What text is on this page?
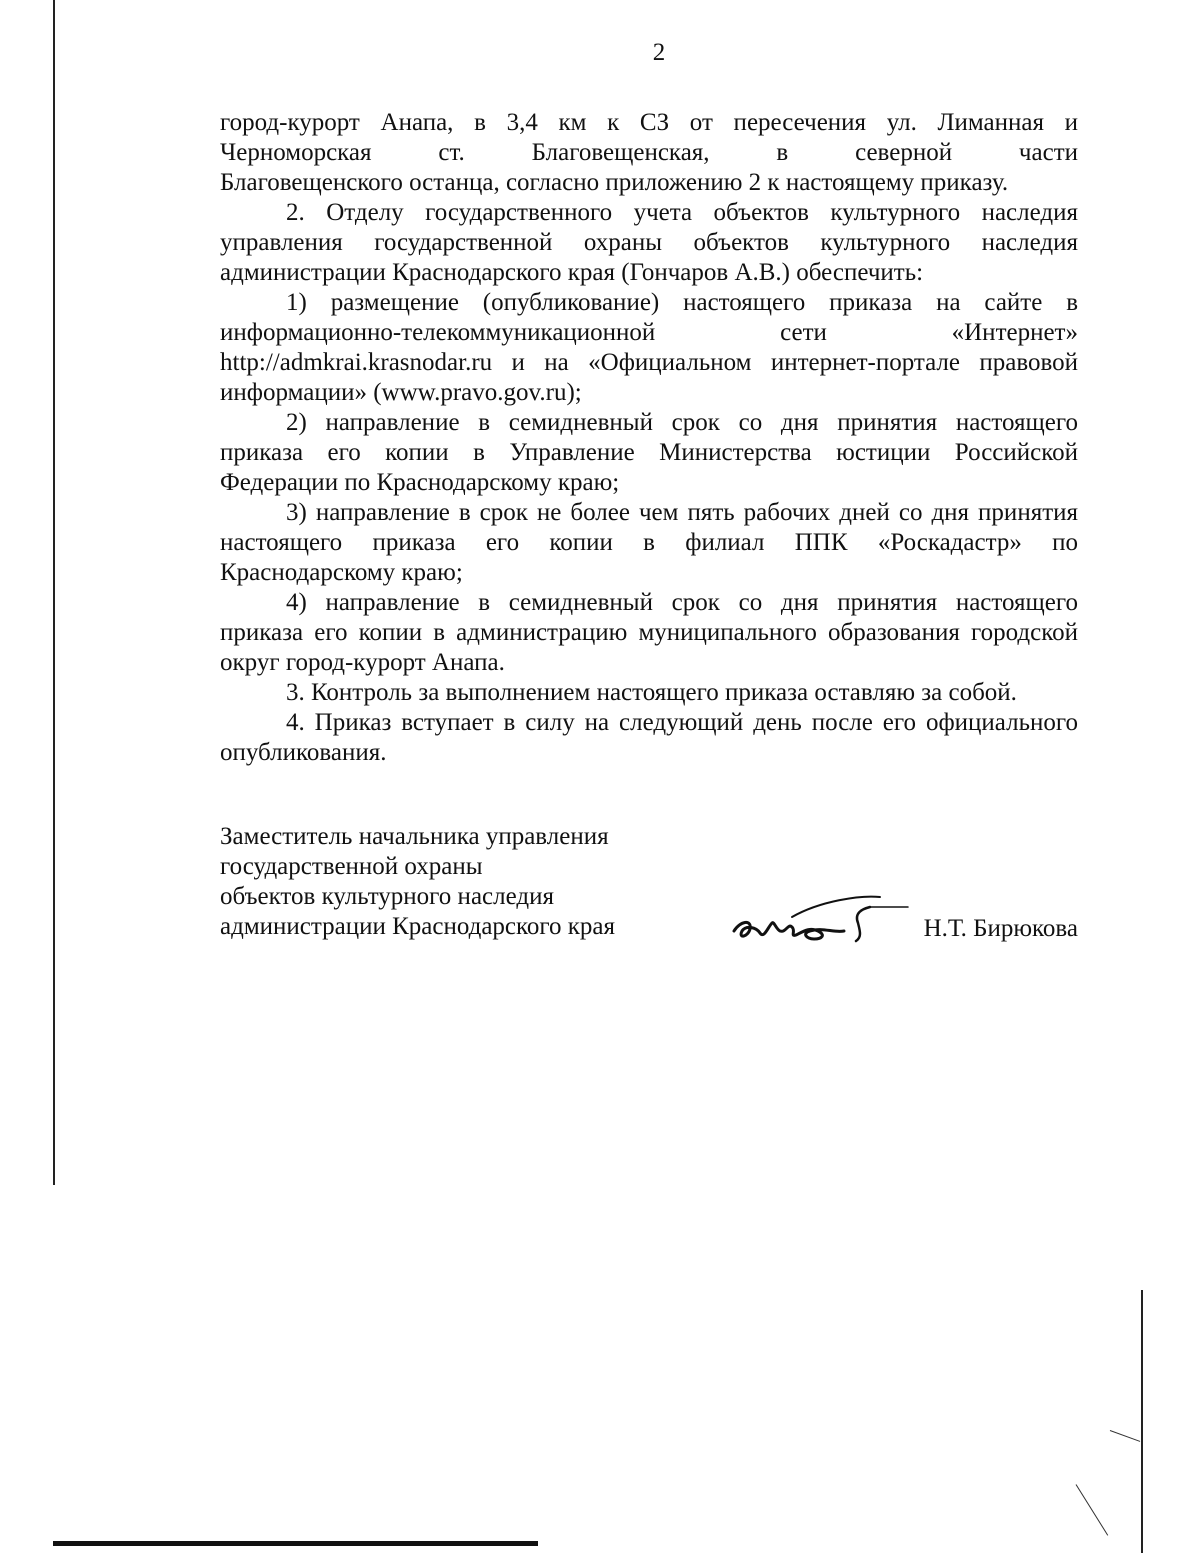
2
город-курорт Анапа, в 3,4 км к СЗ от пересечения ул. Лиманная и
Черноморская ст. Благовещенская, в северной части
Благовещенского останца, согласно приложению 2 к настоящему приказу.
2. Отделу государственного учета объектов культурного наследия
управления государственной охраны объектов культурного наследия
администрации Краснодарского края (Гончаров А.В.) обеспечить:
1) размещение (опубликование) настоящего приказа на сайте в
информационно-телекоммуникационной сети «Интернет»
http://admkrai.krasnodar.ru и на «Официальном интернет-портале правовой
информации» (www.pravo.gov.ru);
2) направление в семидневный срок со дня принятия настоящего
приказа его копии в Управление Министерства юстиции Российской
Федерации по Краснодарскому краю;
3) направление в срок не более чем пять рабочих дней со дня принятия
настоящего приказа его копии в филиал ППК «Роскадастр» по
Краснодарскому краю;
4) направление в семидневный срок со дня принятия настоящего
приказа его копии в администрацию муниципального образования городской
округ город-курорт Анапа.
3. Контроль за выполнением настоящего приказа оставляю за собой.
4. Приказ вступает в силу на следующий день после его официального
опубликования.
Заместитель начальника управления
государственной охраны
объектов культурного наследия
администрации Краснодарского края	Н.Т. Бирюкова
